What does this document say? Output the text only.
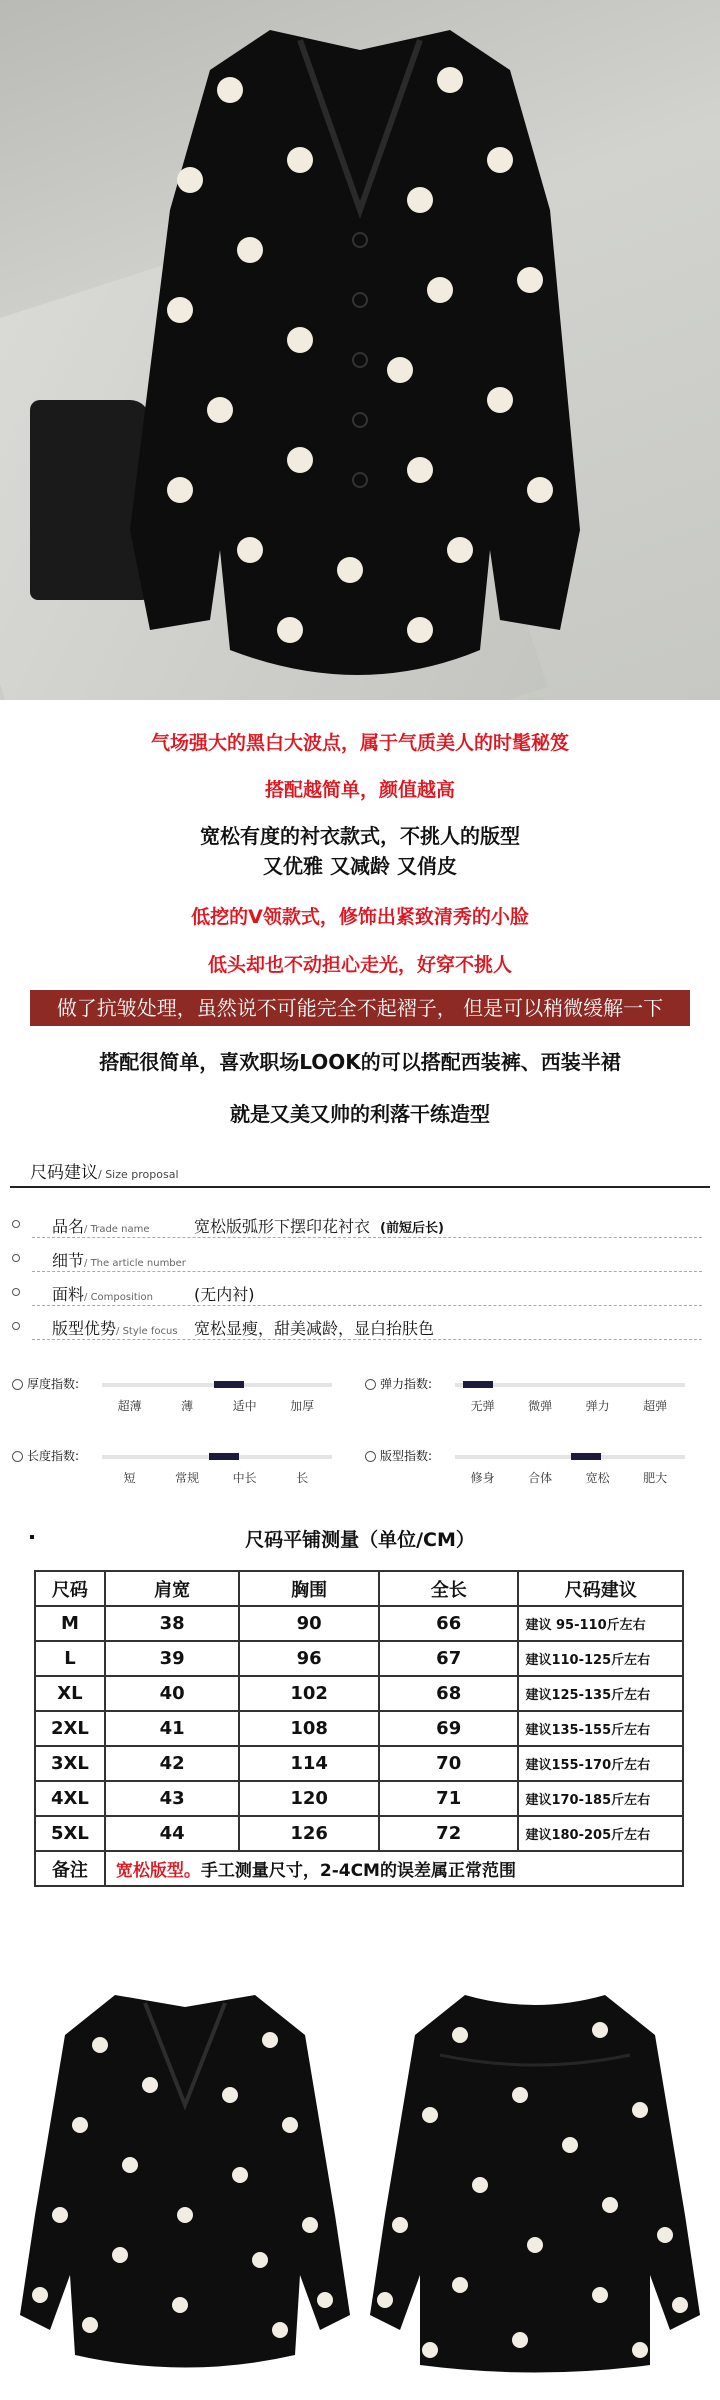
气场强大的黑白大波点，属于气质美人的时髦秘笈
搭配越简单，颜值越高
宽松有度的衬衣款式，不挑人的版型
又优雅 又减龄 又俏皮
低挖的V领款式，修饰出紧致清秀的小脸
低头却也不动担心走光，好穿不挑人
做了抗皱处理，虽然说不可能完全不起褶子， 但是可以稍微缓解一下
搭配很简单，喜欢职场LOOK的可以搭配西装裤、西装半裙
就是又美又帅的利落干练造型
尺码建议/ Size proposal
品名/ Trade name	宽松版弧形下摆印花衬衣 (前短后长)
细节/ The article number
面料/ Composition	(无内衬)
版型优势/ Style focus 宽松显瘦，甜美减龄，显白抬肤色
厚度指数:
超薄	薄	适中	加厚
弹力指数:
无弹	微弹	弹力	超弹
长度指数:
短	常规	中长	长
版型指数:
修身	合体	宽松	肥大
尺码平铺测量（单位/CM）
尺码	肩宽	胸围	全长	尺码建议
M	38	90	66	建议 95-110斤左右
L	39	96	67	建议110-125斤左右
XL	40	102	68	建议125-135斤左右
2XL	41	108	69	建议135-155斤左右
3XL	42	114	70	建议155-170斤左右
4XL	43	120	71	建议170-185斤左右
5XL	44	126	72	建议180-205斤左右
备注	宽松版型。手工测量尺寸，2-4CM的误差属正常范围			
